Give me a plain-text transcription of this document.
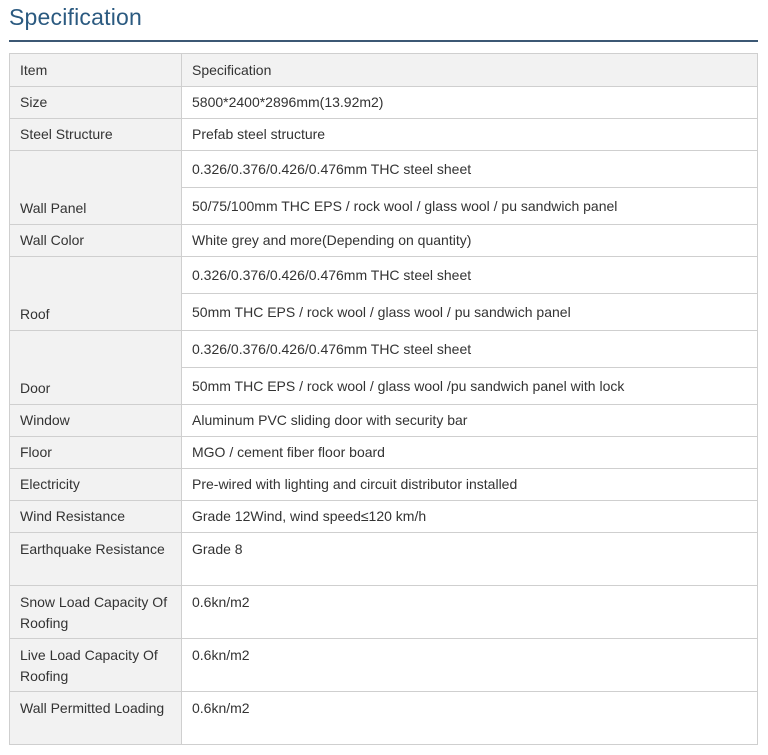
Specification
Item	Specification
Size	5800*2400*2896mm(13.92m2)
Steel Structure	Prefab steel structure
Wall Panel	0.326/0.376/0.426/0.476mm THC steel sheet
	50/75/100mm THC EPS / rock wool / glass wool / pu sandwich panel
Wall Color	White grey and more(Depending on quantity)
Roof	0.326/0.376/0.426/0.476mm THC steel sheet
	50mm THC EPS / rock wool / glass wool / pu sandwich panel
Door	0.326/0.376/0.426/0.476mm THC steel sheet
	50mm THC EPS / rock wool / glass wool /pu sandwich panel with lock
Window	Aluminum PVC sliding door with security bar
Floor	MGO / cement fiber floor board
Electricity	Pre-wired with lighting and circuit distributor installed
Wind Resistance	Grade 12Wind, wind speed≤120 km/h
Earthquake Resistance	Grade 8
Snow Load Capacity Of Roofing	0.6kn/m2
Live Load Capacity Of Roofing	0.6kn/m2
Wall Permitted Loading	0.6kn/m2
